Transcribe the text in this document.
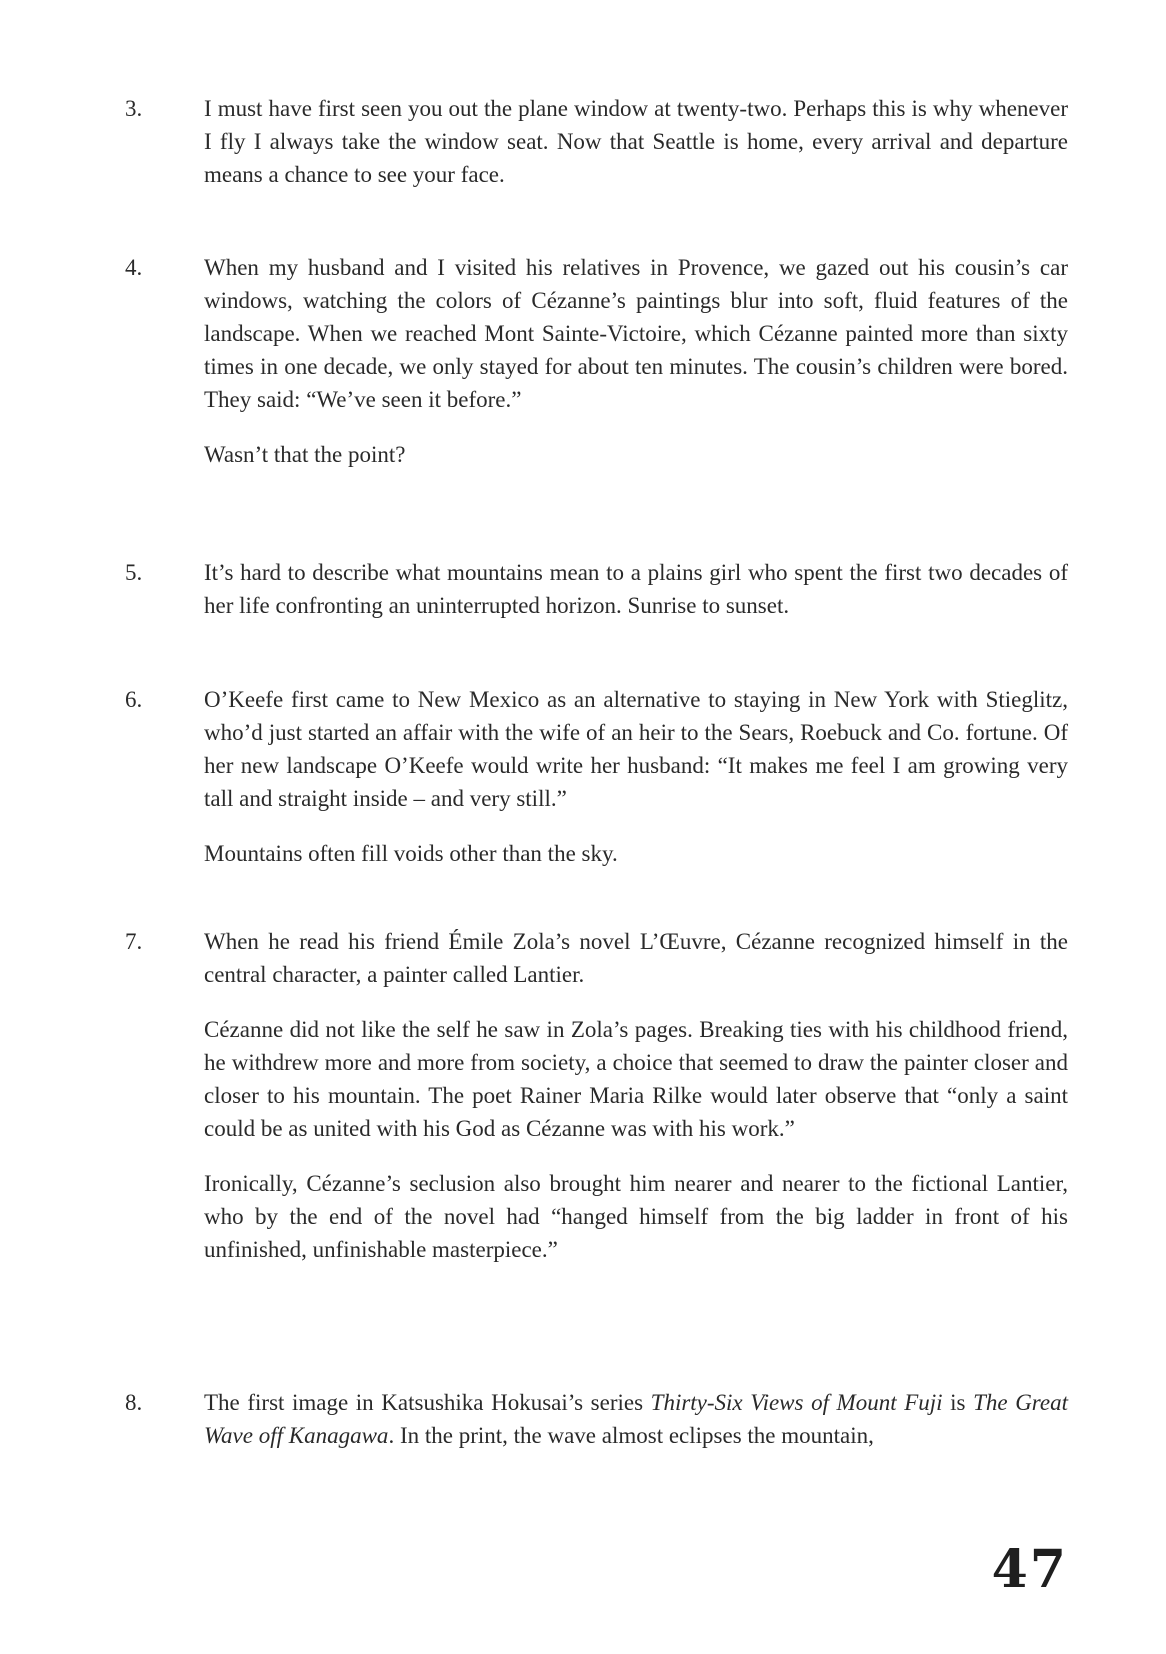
3.	I must have first seen you out the plane window at twenty-two. Perhaps this is why whenever I fly I always take the window seat. Now that Seattle is home, every arrival and departure means a chance to see your face.

4.	When my husband and I visited his relatives in Provence, we gazed out his cousin’s car windows, watching the colors of Cézanne’s paintings blur into soft, fluid features of the landscape. When we reached Mont Sainte-Victoire, which Cézanne painted more than sixty times in one decade, we only stayed for about ten minutes. The cousin’s children were bored. They said: “We’ve seen it before.”

Wasn’t that the point?

5.	It’s hard to describe what mountains mean to a plains girl who spent the first two decades of her life confronting an uninterrupted horizon. Sunrise to sunset.

6.	O’Keefe first came to New Mexico as an alternative to staying in New York with Stieglitz, who’d just started an affair with the wife of an heir to the Sears, Roebuck and Co. fortune. Of her new landscape O’Keefe would write her husband: “It makes me feel I am growing very tall and straight inside – and very still.”

Mountains often fill voids other than the sky.

7.	When he read his friend Émile Zola’s novel L’Œuvre, Cézanne recognized himself in the central character, a painter called Lantier.

Cézanne did not like the self he saw in Zola’s pages. Breaking ties with his childhood friend, he withdrew more and more from society, a choice that seemed to draw the painter closer and closer to his mountain. The poet Rainer Maria Rilke would later observe that “only a saint could be as united with his God as Cézanne was with his work.”

Ironically, Cézanne’s seclusion also brought him nearer and nearer to the fictional Lantier, who by the end of the novel had “hanged himself from the big ladder in front of his unfinished, unfinishable masterpiece.”

8.	The first image in Katsushika Hokusai’s series Thirty-Six Views of Mount Fuji is The Great Wave off Kanagawa. In the print, the wave almost eclipses the mountain,

47
